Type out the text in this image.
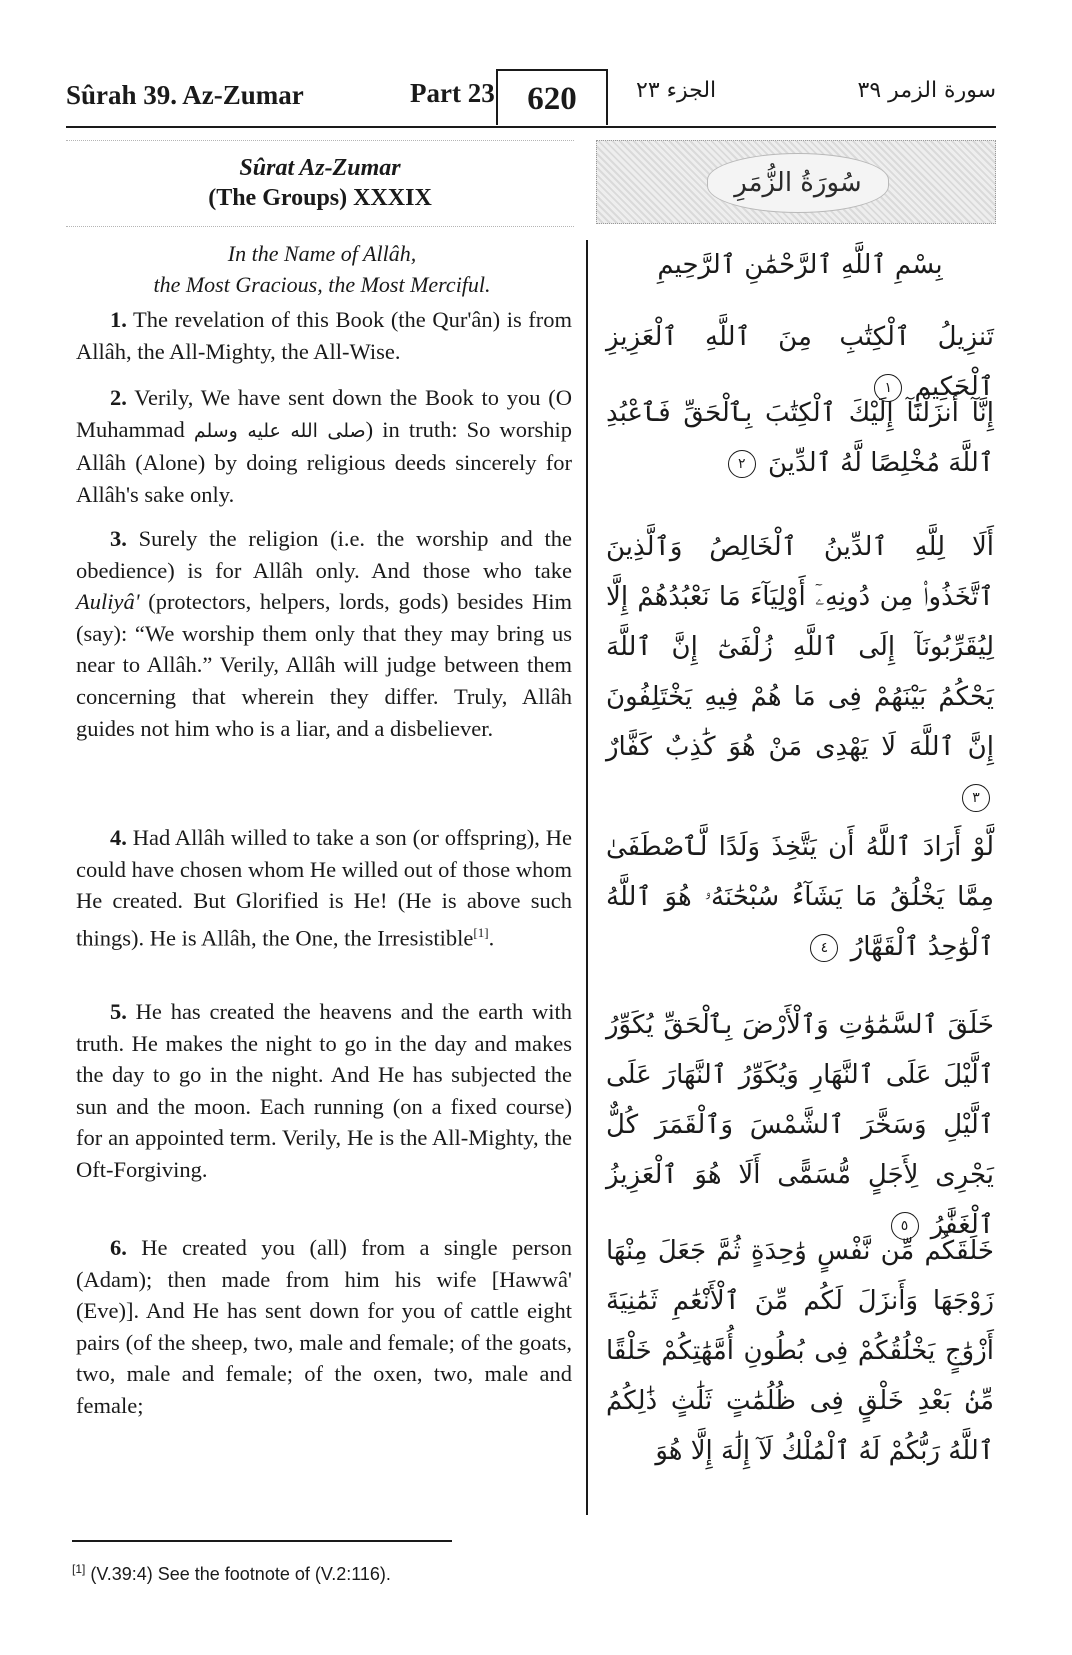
Sûrah 39. Az-Zumar	Part 23 620	الجزء ٢٣	سورة الزمر ٣٩
Sûrat Az-Zumar
(The Groups) XXXIX	سُورَةُ الزُّمَرِ
In the Name of Allâh,
the Most Gracious, the Most Merciful.
بِسْمِ ٱللَّهِ ٱلرَّحْمَٰنِ ٱلرَّحِيمِ
1. The revelation of this Book (the Qur'ân) is from Allâh, the All-Mighty, the All-Wise.
2. Verily, We have sent down the Book to you (O Muhammad صلى الله عليه وسلم) in truth: So worship Allâh (Alone) by doing religious deeds sincerely for Allâh's sake only.
3. Surely the religion (i.e. the worship and the obedience) is for Allâh only. And those who take Auliyâ' (protectors, helpers, lords, gods) besides Him (say): “We worship them only that they may bring us near to Allâh.” Verily, Allâh will judge between them concerning that wherein they differ. Truly, Allâh guides not him who is a liar, and a disbeliever.
4. Had Allâh willed to take a son (or offspring), He could have chosen whom He willed out of those whom He created. But Glorified is He! (He is above such things). He is Allâh, the One, the Irresistible[1].
5. He has created the heavens and the earth with truth. He makes the night to go in the day and makes the day to go in the night. And He has subjected the sun and the moon. Each running (on a fixed course) for an appointed term. Verily, He is the All-Mighty, the Oft-Forgiving.
6. He created you (all) from a single person (Adam); then made from him his wife [Hawwâ' (Eve)]. And He has sent down for you of cattle eight pairs (of the sheep, two, male and female; of the goats, two, male and female; of the oxen, two, male and female;
تَنزِيلُ ٱلْكِتَٰبِ مِنَ ٱللَّهِ ٱلْعَزِيزِ ٱلْحَكِيمِ ١
إِنَّآ أَنزَلْنَآ إِلَيْكَ ٱلْكِتَٰبَ بِٱلْحَقِّ فَٱعْبُدِ ٱللَّهَ مُخْلِصًا لَّهُ ٱلدِّينَ ٢
أَلَا لِلَّهِ ٱلدِّينُ ٱلْخَالِصُ وَٱلَّذِينَ ٱتَّخَذُوا۟ مِن دُونِهِۦٓ أَوْلِيَآءَ مَا نَعْبُدُهُمْ إِلَّا لِيُقَرِّبُونَآ إِلَى ٱللَّهِ زُلْفَىٰٓ إِنَّ ٱللَّهَ يَحْكُمُ بَيْنَهُمْ فِى مَا هُمْ فِيهِ يَخْتَلِفُونَ إِنَّ ٱللَّهَ لَا يَهْدِى مَنْ هُوَ كَٰذِبٌ كَفَّارٌ ٣
لَّوْ أَرَادَ ٱللَّهُ أَن يَتَّخِذَ وَلَدًا لَّٱصْطَفَىٰ مِمَّا يَخْلُقُ مَا يَشَآءُ سُبْحَٰنَهُۥ هُوَ ٱللَّهُ ٱلْوَٰحِدُ ٱلْقَهَّارُ ٤
خَلَقَ ٱلسَّمَٰوَٰتِ وَٱلْأَرْضَ بِٱلْحَقِّ يُكَوِّرُ ٱلَّيْلَ عَلَى ٱلنَّهَارِ وَيُكَوِّرُ ٱلنَّهَارَ عَلَى ٱلَّيْلِ وَسَخَّرَ ٱلشَّمْسَ وَٱلْقَمَرَ كُلٌّ يَجْرِى لِأَجَلٍ مُّسَمًّى أَلَا هُوَ ٱلْعَزِيزُ ٱلْغَفَّٰرُ ٥
خَلَقَكُم مِّن نَّفْسٍ وَٰحِدَةٍ ثُمَّ جَعَلَ مِنْهَا زَوْجَهَا وَأَنزَلَ لَكُم مِّنَ ٱلْأَنْعَٰمِ ثَمَٰنِيَةَ أَزْوَٰجٍ يَخْلُقُكُمْ فِى بُطُونِ أُمَّهَٰتِكُمْ خَلْقًا مِّنۢ بَعْدِ خَلْقٍ فِى ظُلُمَٰتٍ ثَلَٰثٍ ذَٰلِكُمُ ٱللَّهُ رَبُّكُمْ لَهُ ٱلْمُلْكُ لَآ إِلَٰهَ إِلَّا هُوَ
[1] (V.39:4) See the footnote of (V.2:116).
